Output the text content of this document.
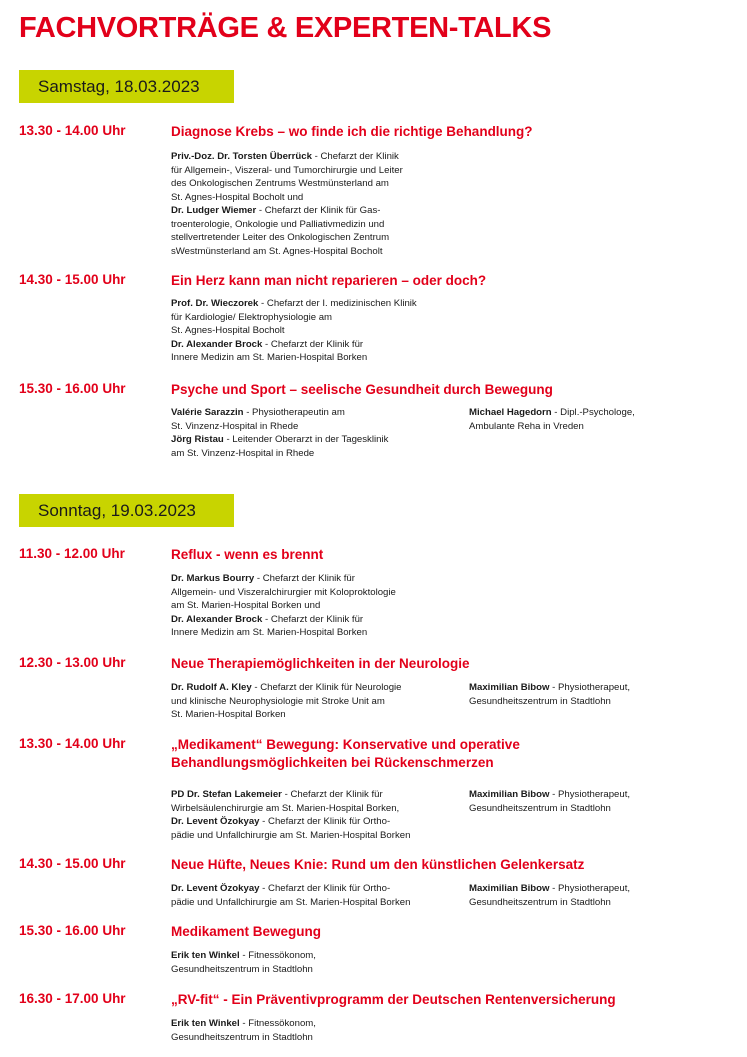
FACHVORTRÄGE & EXPERTEN-TALKS
Samstag, 18.03.2023
13.30 - 14.00 Uhr	Diagnose Krebs – wo finde ich die richtige Behandlung?
Priv.-Doz. Dr. Torsten Überrück - Chefarzt der Klinik
für Allgemein-, Viszeral- und Tumorchirurgie und Leiter
des Onkologischen Zentrums Westmünsterland am
St. Agnes-Hospital Bocholt und
Dr. Ludger Wiemer - Chefarzt der Klinik für Gas-
troenterologie, Onkologie und Palliativmedizin und
stellvertretender Leiter des Onkologischen Zentrum
sWestmünsterland am St. Agnes-Hospital Bocholt
14.30 - 15.00 Uhr	Ein Herz kann man nicht reparieren – oder doch?
Prof. Dr. Wieczorek - Chefarzt der I. medizinischen Klinik
für Kardiologie/ Elektrophysiologie am
St. Agnes-Hospital Bocholt
Dr. Alexander Brock - Chefarzt der Klinik für
Innere Medizin am St. Marien-Hospital Borken
15.30 - 16.00 Uhr	Psyche und Sport – seelische Gesundheit durch Bewegung
Valérie Sarazzin - Physiotherapeutin am
St. Vinzenz-Hospital in Rhede
Jörg Ristau - Leitender Oberarzt in der Tagesklinik
am St. Vinzenz-Hospital in Rhede
Michael Hagedorn - Dipl.-Psychologe,
Ambulante Reha in Vreden
Sonntag, 19.03.2023
11.30 - 12.00 Uhr	Reflux - wenn es brennt
Dr. Markus Bourry - Chefarzt der Klinik für
Allgemein- und Viszeralchirurgier mit Koloproktologie
am St. Marien-Hospital Borken und
Dr. Alexander Brock - Chefarzt der Klinik für
Innere Medizin am St. Marien-Hospital Borken
12.30 - 13.00 Uhr	Neue Therapiemöglichkeiten in der Neurologie
Dr. Rudolf A. Kley - Chefarzt der Klinik für Neurologie
und klinische Neurophysiologie mit Stroke Unit am
St. Marien-Hospital Borken
Maximilian Bibow - Physiotherapeut,
Gesundheitszentrum in Stadtlohn
13.30 - 14.00 Uhr	„Medikament“ Bewegung: Konservative und operative Behandlungsmöglichkeiten bei Rückenschmerzen
PD Dr. Stefan Lakemeier - Chefarzt der Klinik für
Wirbelsäulenchirurgie am St. Marien-Hospital Borken,
Dr. Levent Özokyay - Chefarzt der Klinik für Ortho-
pädie und Unfallchirurgie am St. Marien-Hospital Borken
Maximilian Bibow - Physiotherapeut,
Gesundheitszentrum in Stadtlohn
14.30 - 15.00 Uhr	Neue Hüfte, Neues Knie: Rund um den künstlichen Gelenkersatz
Dr. Levent Özokyay - Chefarzt der Klinik für Ortho-
pädie und Unfallchirurgie am St. Marien-Hospital Borken
Maximilian Bibow - Physiotherapeut,
Gesundheitszentrum in Stadtlohn
15.30 - 16.00 Uhr	Medikament Bewegung
Erik ten Winkel - Fitnessökonom,
Gesundheitszentrum in Stadtlohn
16.30 - 17.00 Uhr	„RV-fit“ - Ein Präventivprogramm der Deutschen Rentenversicherung
Erik ten Winkel - Fitnessökonom,
Gesundheitszentrum in Stadtlohn
